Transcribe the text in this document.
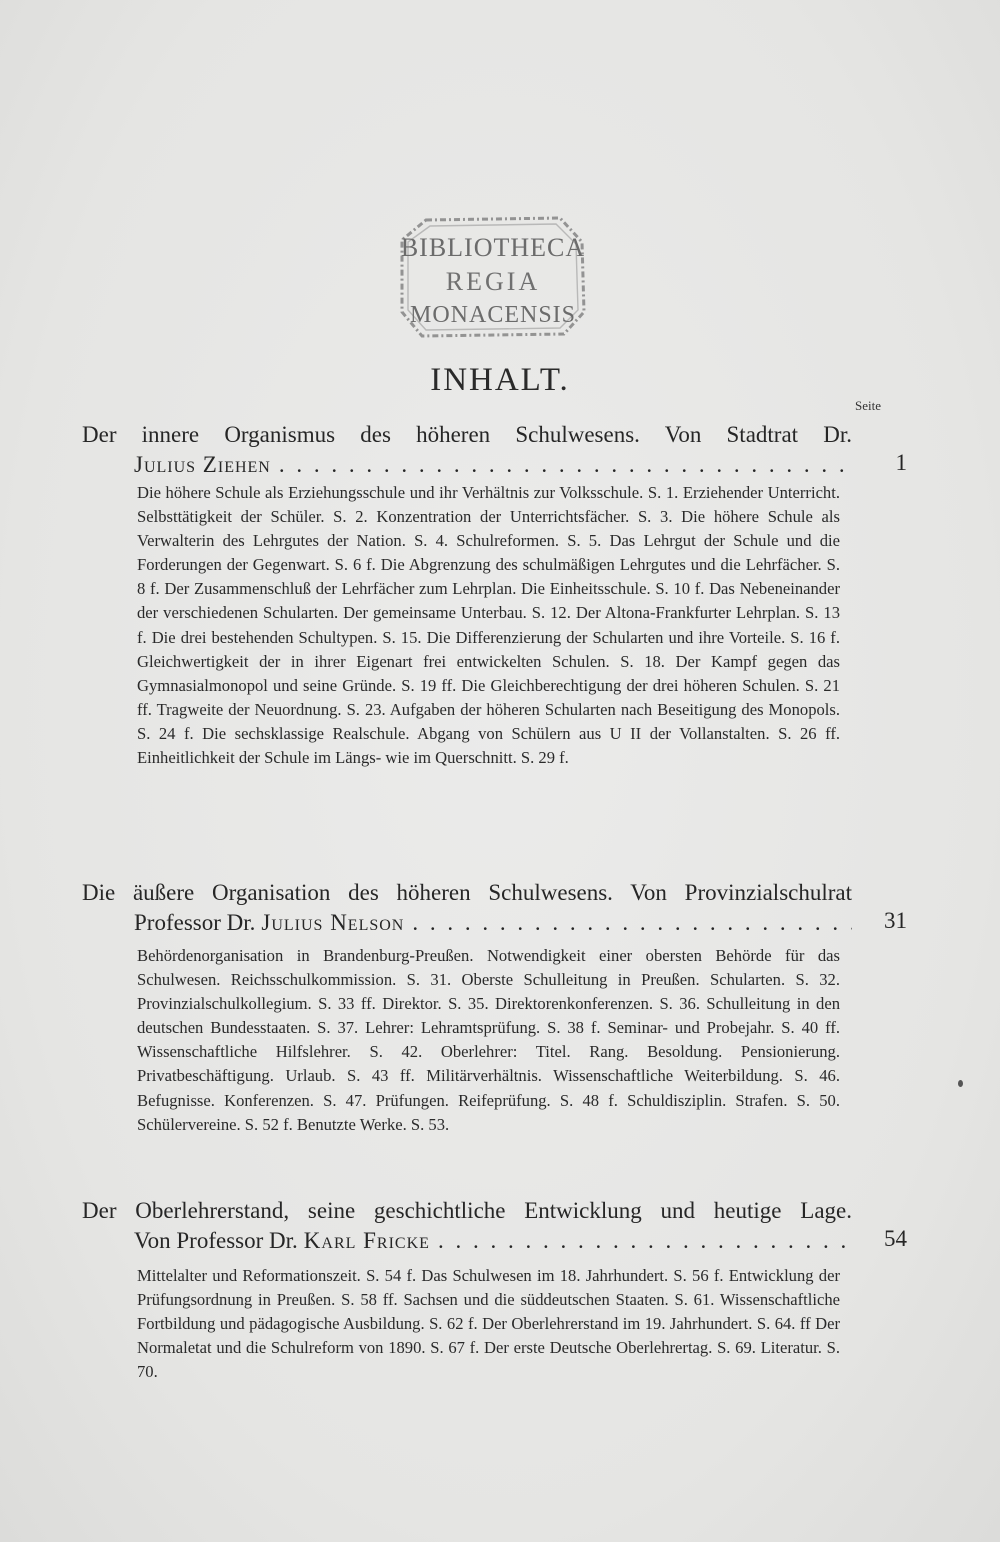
BIBLIOTHECA
REGIA
MONACENSIS
INHALT.
Seite
Der innere Organismus des höheren Schulwesens. Von Stadtrat Dr.
Julius Ziehen . . .	1
Die höhere Schule als Erziehungsschule und ihr Verhältnis zur Volksschule. S. 1. Erziehender Unterricht. Selbsttätigkeit der Schüler. S. 2. Konzentration der Unterrichtsfächer. S. 3. Die höhere Schule als Verwalterin des Lehrgutes der Nation. S. 4. Schulreformen. S. 5. Das Lehrgut der Schule und die Forderungen der Gegenwart. S. 6 f. Die Abgrenzung des schulmäßigen Lehrgutes und die Lehrfächer. S. 8 f. Der Zusammenschluß der Lehrfächer zum Lehrplan. Die Einheitsschule. S. 10 f. Das Nebeneinander der verschiedenen Schularten. Der gemeinsame Unterbau. S. 12. Der Altona-Frankfurter Lehrplan. S. 13 f. Die drei bestehenden Schultypen. S. 15. Die Differenzierung der Schularten und ihre Vorteile. S. 16 f. Gleichwertigkeit der in ihrer Eigenart frei entwickelten Schulen. S. 18. Der Kampf gegen das Gymnasialmonopol und seine Gründe. S. 19 ff. Die Gleichberechtigung der drei höheren Schulen. S. 21 ff. Tragweite der Neuordnung. S. 23. Aufgaben der höheren Schularten nach Beseitigung des Monopols. S. 24 f. Die sechsklassige Realschule. Abgang von Schülern aus U II der Vollanstalten. S. 26 ff. Einheitlichkeit der Schule im Längs- wie im Querschnitt. S. 29 f.
Die äußere Organisation des höheren Schulwesens. Von Provinzialschulrat
Professor Dr. Julius Nelson . . .	31
Behördenorganisation in Brandenburg-Preußen. Notwendigkeit einer obersten Behörde für das Schulwesen. Reichsschulkommission. S. 31. Oberste Schulleitung in Preußen. Schularten. S. 32. Provinzialschulkollegium. S. 33 ff. Direktor. S. 35. Direktorenkonferenzen. S. 36. Schulleitung in den deutschen Bundesstaaten. S. 37. Lehrer: Lehramtsprüfung. S. 38 f. Seminar- und Probejahr. S. 40 ff. Wissenschaftliche Hilfslehrer. S. 42. Oberlehrer: Titel. Rang. Besoldung. Pensionierung. Privatbeschäftigung. Urlaub. S. 43 ff. Militärverhältnis. Wissenschaftliche Weiterbildung. S. 46. Befugnisse. Konferenzen. S. 47. Prüfungen. Reifeprüfung. S. 48 f. Schuldisziplin. Strafen. S. 50. Schülervereine. S. 52 f. Benutzte Werke. S. 53.
Der Oberlehrerstand, seine geschichtliche Entwicklung und heutige Lage.
Von Professor Dr. Karl Fricke . . .	54
Mittelalter und Reformationszeit. S. 54 f. Das Schulwesen im 18. Jahrhundert. S. 56 f. Entwicklung der Prüfungsordnung in Preußen. S. 58 ff. Sachsen und die süddeutschen Staaten. S. 61. Wissenschaftliche Fortbildung und pädagogische Ausbildung. S. 62 f. Der Oberlehrerstand im 19. Jahrhundert. S. 64. ff Der Normaletat und die Schulreform von 1890. S. 67 f. Der erste Deutsche Oberlehrertag. S. 69. Literatur. S. 70.
